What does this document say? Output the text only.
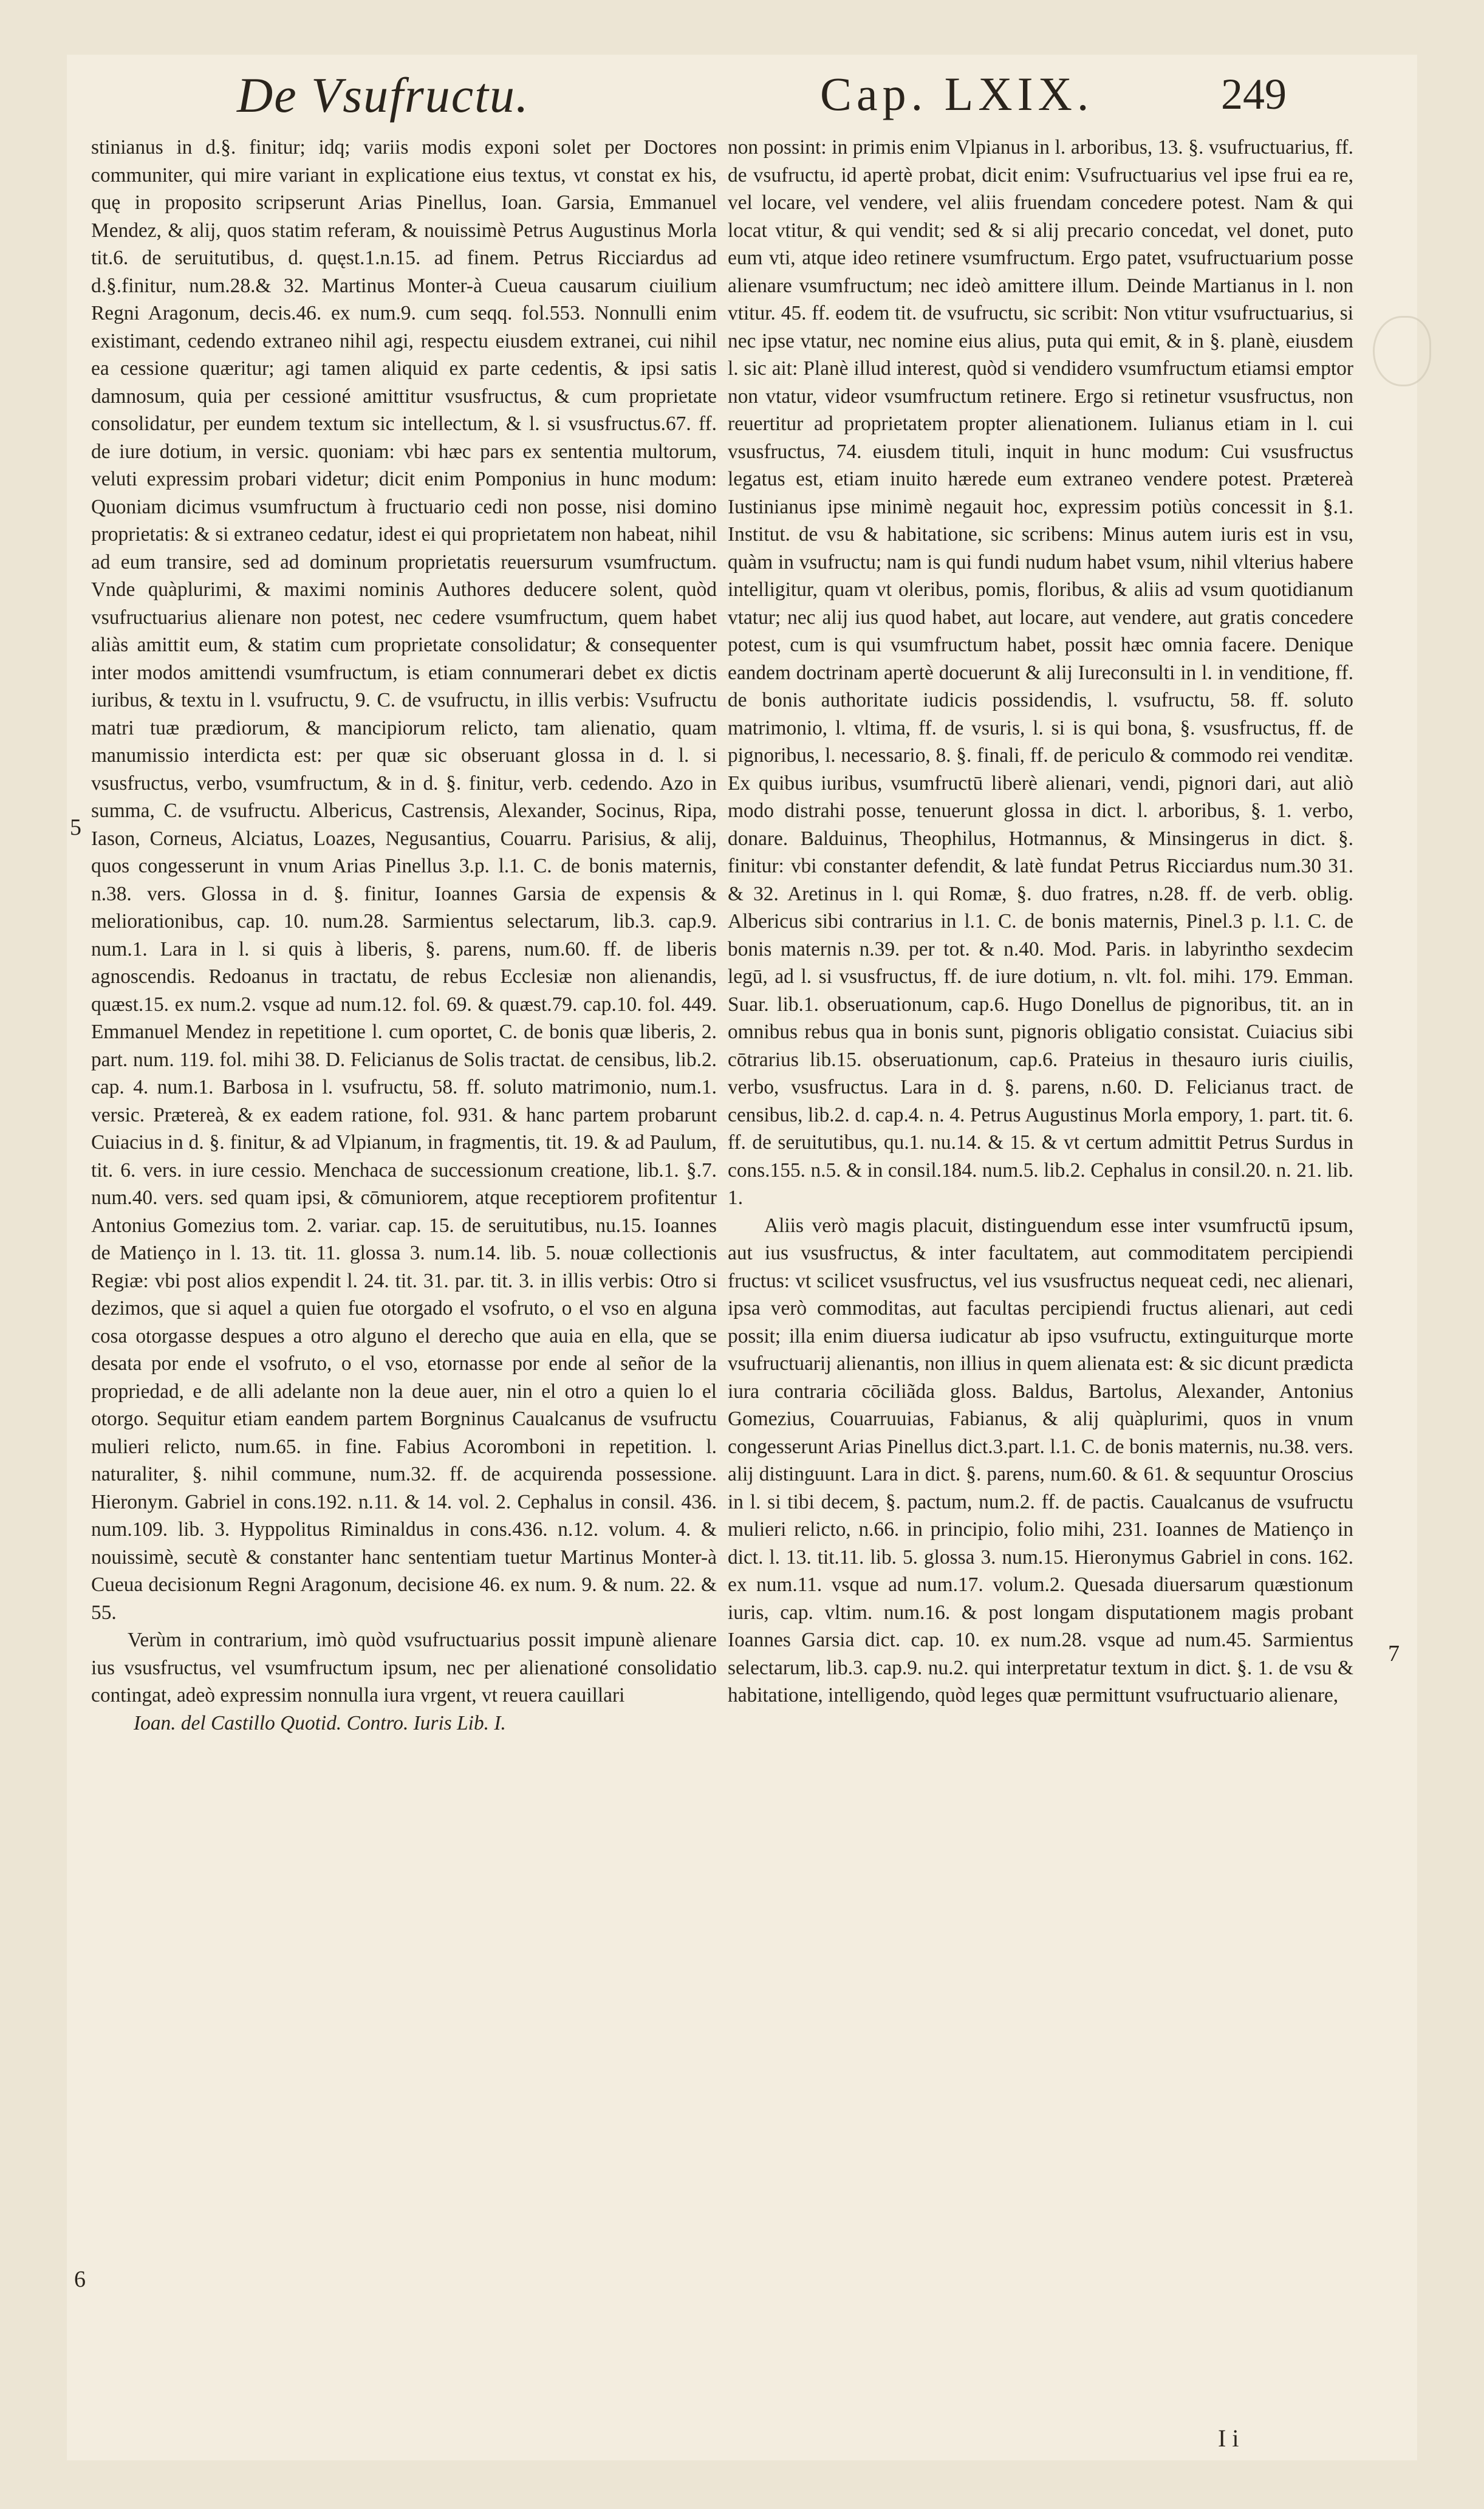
De Vsufructu.	Cap. LXIX.	249

stinianus in d.§. finitur; idq; variis modis exponi solet per Doctores communiter, qui mire variant in explicatione eius textus, vt constat ex his, quę in proposito scripserunt Arias Pinellus, Ioan. Garsia, Emmanuel Mendez, & alij, quos statim referam, & nouissimè Petrus Augustinus Morla tit.6. de seruitutibus, d. quęst.1.n.15. ad finem. Petrus Ricciardus ad d.§.finitur, num.28.& 32. Martinus Monter-à Cueua causarum ciuilium Regni Aragonum, decis.46. ex num.9. cum seqq. fol.553. Nonnulli enim existimant, cedendo extraneo nihil agi, respectu eiusdem extranei, cui nihil ea cessione quæritur; agi tamen aliquid ex parte cedentis, & ipsi satis damnosum, quia per cessioné amittitur vsusfructus, & cum proprietate consolidatur, per eundem textum sic intellectum, & l. si vsusfructus.67. ff. de iure dotium, in versic. quoniam: vbi hæc pars ex sententia multorum, veluti expressim probari videtur; dicit enim Pomponius in hunc modum: Quoniam dicimus vsumfructum à fructuario cedi non posse, nisi domino proprietatis: & si extraneo cedatur, idest ei qui proprietatem non habeat, nihil ad eum transire, sed ad dominum proprietatis reuersurum vsumfructum. Vnde quàplurimi, & maximi nominis Authores deducere solent, quòd vsufructuarius alienare non potest, nec cedere vsumfructum, quem habet aliàs amittit eum, & statim cum proprietate consolidatur; & consequenter inter modos amittendi vsumfructum, is etiam connumerari debet ex dictis iuribus, & textu in l. vsufructu, 9. C. de vsufructu, in illis verbis: Vsufructu matri tuæ prædiorum, & mancipiorum relicto, tam alienatio, quam manumissio interdicta est: per quæ sic obseruant glossa in d. l. si vsusfructus, verbo, vsumfructum, & in d. §. finitur, verb. cedendo. Azo in summa, C. de vsufructu. Albericus, Castrensis, Alexander, Socinus, Ripa, Iason, Corneus, Alciatus, Loazes, Negusantius, Couarru. Parisius, & alij, quos congesserunt in vnum Arias Pinellus 3.p. l.1. C. de bonis maternis, n.38. vers. Glossa in d. §. finitur, Ioannes Garsia de expensis & meliorationibus, cap. 10. num.28. Sarmientus selectarum, lib.3. cap.9. num.1. Lara in l. si quis à liberis, §. parens, num.60. ff. de liberis agnoscendis. Redoanus in tractatu, de rebus Ecclesiæ non alienandis, quæst.15. ex num.2. vsque ad num.12. fol. 69. & quæst.79. cap.10. fol. 449. Emmanuel Mendez in repetitione l. cum oportet, C. de bonis quæ liberis, 2. part. num. 119. fol. mihi 38. D. Felicianus de Solis tractat. de censibus, lib.2. cap. 4. num.1. Barbosa in l. vsufructu, 58. ff. soluto matrimonio, num.1. versic. Prætereà, & ex eadem ratione, fol. 931. & hanc partem probarunt Cuiacius in d. §. finitur, & ad Vlpianum, in fragmentis, tit. 19. & ad Paulum, tit. 6. vers. in iure cessio. Menchaca de successionum creatione, lib.1. §.7. num.40. vers. sed quam ipsi, & cōmuniorem, atque receptiorem profitentur Antonius Gomezius tom. 2. variar. cap. 15. de seruitutibus, nu.15. Ioannes de Matienço in l. 13. tit. 11. glossa 3. num.14. lib. 5. nouæ collectionis Regiæ: vbi post alios expendit l. 24. tit. 31. par. tit. 3. in illis verbis: Otro si dezimos, que si aquel a quien fue otorgado el vsofruto, o el vso en alguna cosa otorgasse despues a otro alguno el derecho que auia en ella, que se desata por ende el vsofruto, o el vso, etornasse por ende al señor de la propriedad, e de alli adelante non la deue auer, nin el otro a quien lo el otorgo. Sequitur etiam eandem partem Borgninus Caualcanus de vsufructu mulieri relicto, num.65. in fine. Fabius Acoromboni in repetition. l. naturaliter, §. nihil commune, num.32. ff. de acquirenda possessione. Hieronym. Gabriel in cons.192. n.11. & 14. vol. 2. Cephalus in consil. 436. num.109. lib. 3. Hyppolitus Riminaldus in cons.436. n.12. volum. 4. & nouissimè, secutè & constanter hanc sententiam tuetur Martinus Monter-à Cueua decisionum Regni Aragonum, decisione 46. ex num. 9. & num. 22. & 55.

Verùm in contrarium, imò quòd vsufructuarius possit impunè alienare ius vsusfructus, vel vsumfructum ipsum, nec per alienationé consolidatio contingat, adeò expressim nonnulla iura vrgent, vt reuera cauillari

Ioan. del Castillo Quotid. Contro. Iuris Lib. I.

non possint: in primis enim Vlpianus in l. arboribus, 13. §. vsufructuarius, ff. de vsufructu, id apertè probat, dicit enim: Vsufructuarius vel ipse frui ea re, vel locare, vel vendere, vel aliis fruendam concedere potest. Nam & qui locat vtitur, & qui vendit; sed & si alij precario concedat, vel donet, puto eum vti, atque ideo retinere vsumfructum. Ergo patet, vsufructuarium posse alienare vsumfructum; nec ideò amittere illum. Deinde Martianus in l. non vtitur. 45. ff. eodem tit. de vsufructu, sic scribit: Non vtitur vsufructuarius, si nec ipse vtatur, nec nomine eius alius, puta qui emit, & in §. planè, eiusdem l. sic ait: Planè illud interest, quòd si vendidero vsumfructum etiamsi emptor non vtatur, videor vsumfructum retinere. Ergo si retinetur vsusfructus, non reuertitur ad proprietatem propter alienationem. Iulianus etiam in l. cui vsusfructus, 74. eiusdem tituli, inquit in hunc modum: Cui vsusfructus legatus est, etiam inuito hærede eum extraneo vendere potest. Prætereà Iustinianus ipse minimè negauit hoc, expressim potiùs concessit in §.1. Institut. de vsu & habitatione, sic scribens: Minus autem iuris est in vsu, quàm in vsufructu; nam is qui fundi nudum habet vsum, nihil vlterius habere intelligitur, quam vt oleribus, pomis, floribus, & aliis ad vsum quotidianum vtatur; nec alij ius quod habet, aut locare, aut vendere, aut gratis concedere potest, cum is qui vsumfructum habet, possit hæc omnia facere. Denique eandem doctrinam apertè docuerunt & alij Iureconsulti in l. in venditione, ff. de bonis authoritate iudicis possidendis, l. vsufructu, 58. ff. soluto matrimonio, l. vltima, ff. de vsuris, l. si is qui bona, §. vsusfructus, ff. de pignoribus, l. necessario, 8. §. finali, ff. de periculo & commodo rei venditæ. Ex quibus iuribus, vsumfructū liberè alienari, vendi, pignori dari, aut aliò modo distrahi posse, tenuerunt glossa in dict. l. arboribus, §. 1. verbo, donare. Balduinus, Theophilus, Hotmannus, & Minsingerus in dict. §. finitur: vbi constanter defendit, & latè fundat Petrus Ricciardus num.30 31. & 32. Aretinus in l. qui Romæ, §. duo fratres, n.28. ff. de verb. oblig. Albericus sibi contrarius in l.1. C. de bonis maternis, Pinel.3 p. l.1. C. de bonis maternis n.39. per tot. & n.40. Mod. Paris. in labyrintho sexdecim legū, ad l. si vsusfructus, ff. de iure dotium, n. vlt. fol. mihi. 179. Emman. Suar. lib.1. obseruationum, cap.6. Hugo Donellus de pignoribus, tit. an in omnibus rebus qua in bonis sunt, pignoris obligatio consistat. Cuiacius sibi cōtrarius lib.15. obseruationum, cap.6. Prateius in thesauro iuris ciuilis, verbo, vsusfructus. Lara in d. §. parens, n.60. D. Felicianus tract. de censibus, lib.2. d. cap.4. n. 4. Petrus Augustinus Morla empory, 1. part. tit. 6. ff. de seruitutibus, qu.1. nu.14. & 15. & vt certum admittit Petrus Surdus in cons.155. n.5. & in consil.184. num.5. lib.2. Cephalus in consil.20. n. 21. lib. 1.

Aliis verò magis placuit, distinguendum esse inter vsumfructū ipsum, aut ius vsusfructus, & inter facultatem, aut commoditatem percipiendi fructus: vt scilicet vsusfructus, vel ius vsusfructus nequeat cedi, nec alienari, ipsa verò commoditas, aut facultas percipiendi fructus alienari, aut cedi possit; illa enim diuersa iudicatur ab ipso vsufructu, extinguiturque morte vsufructuarij alienantis, non illius in quem alienata est: & sic dicunt prædicta iura contraria cōciliãda gloss. Baldus, Bartolus, Alexander, Antonius Gomezius, Couarruuias, Fabianus, & alij quàplurimi, quos in vnum congesserunt Arias Pinellus dict.3.part. l.1. C. de bonis maternis, nu.38. vers. alij distinguunt. Lara in dict. §. parens, num.60. & 61. & sequuntur Oroscius in l. si tibi decem, §. pactum, num.2. ff. de pactis. Caualcanus de vsufructu mulieri relicto, n.66. in principio, folio mihi, 231. Ioannes de Matienço in dict. l. 13. tit.11. lib. 5. glossa 3. num.15. Hieronymus Gabriel in cons. 162. ex num.11. vsque ad num.17. volum.2. Quesada diuersarum quæstionum iuris, cap. vltim. num.16. & post longam disputationem magis probant Ioannes Garsia dict. cap. 10. ex num.28. vsque ad num.45. Sarmientus selectarum, lib.3. cap.9. nu.2. qui interpretatur textum in dict. §. 1. de vsu & habitatione, intelligendo, quòd leges quæ permittunt vsufructuario alienare,

5
6
7
I i
